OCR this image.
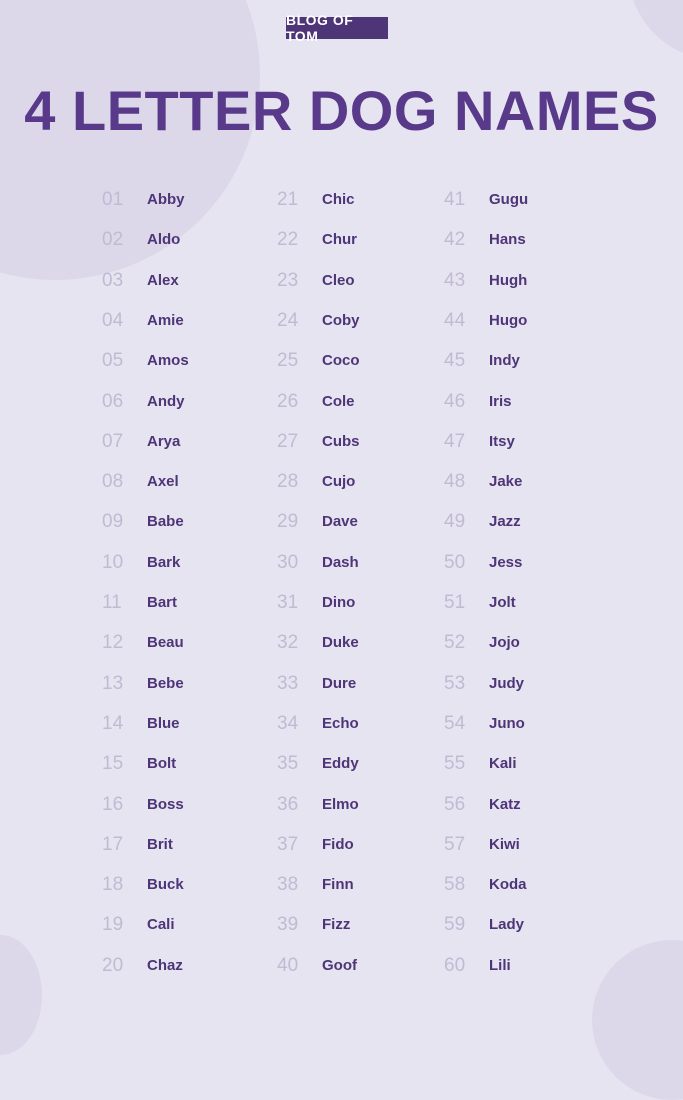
BLOG OF TOM
4 LETTER DOG NAMES
01	Abby
02	Aldo
03	Alex
04	Amie
05	Amos
06	Andy
07	Arya
08	Axel
09	Babe
10	Bark
11	Bart
12	Beau
13	Bebe
14	Blue
15	Bolt
16	Boss
17	Brit
18	Buck
19	Cali
20	Chaz
21	Chic
22	Chur
23	Cleo
24	Coby
25	Coco
26	Cole
27	Cubs
28	Cujo
29	Dave
30	Dash
31	Dino
32	Duke
33	Dure
34	Echo
35	Eddy
36	Elmo
37	Fido
38	Finn
39	Fizz
40	Goof
41	Gugu
42	Hans
43	Hugh
44	Hugo
45	Indy
46	Iris
47	Itsy
48	Jake
49	Jazz
50	Jess
51	Jolt
52	Jojo
53	Judy
54	Juno
55	Kali
56	Katz
57	Kiwi
58	Koda
59	Lady
60	Lili
